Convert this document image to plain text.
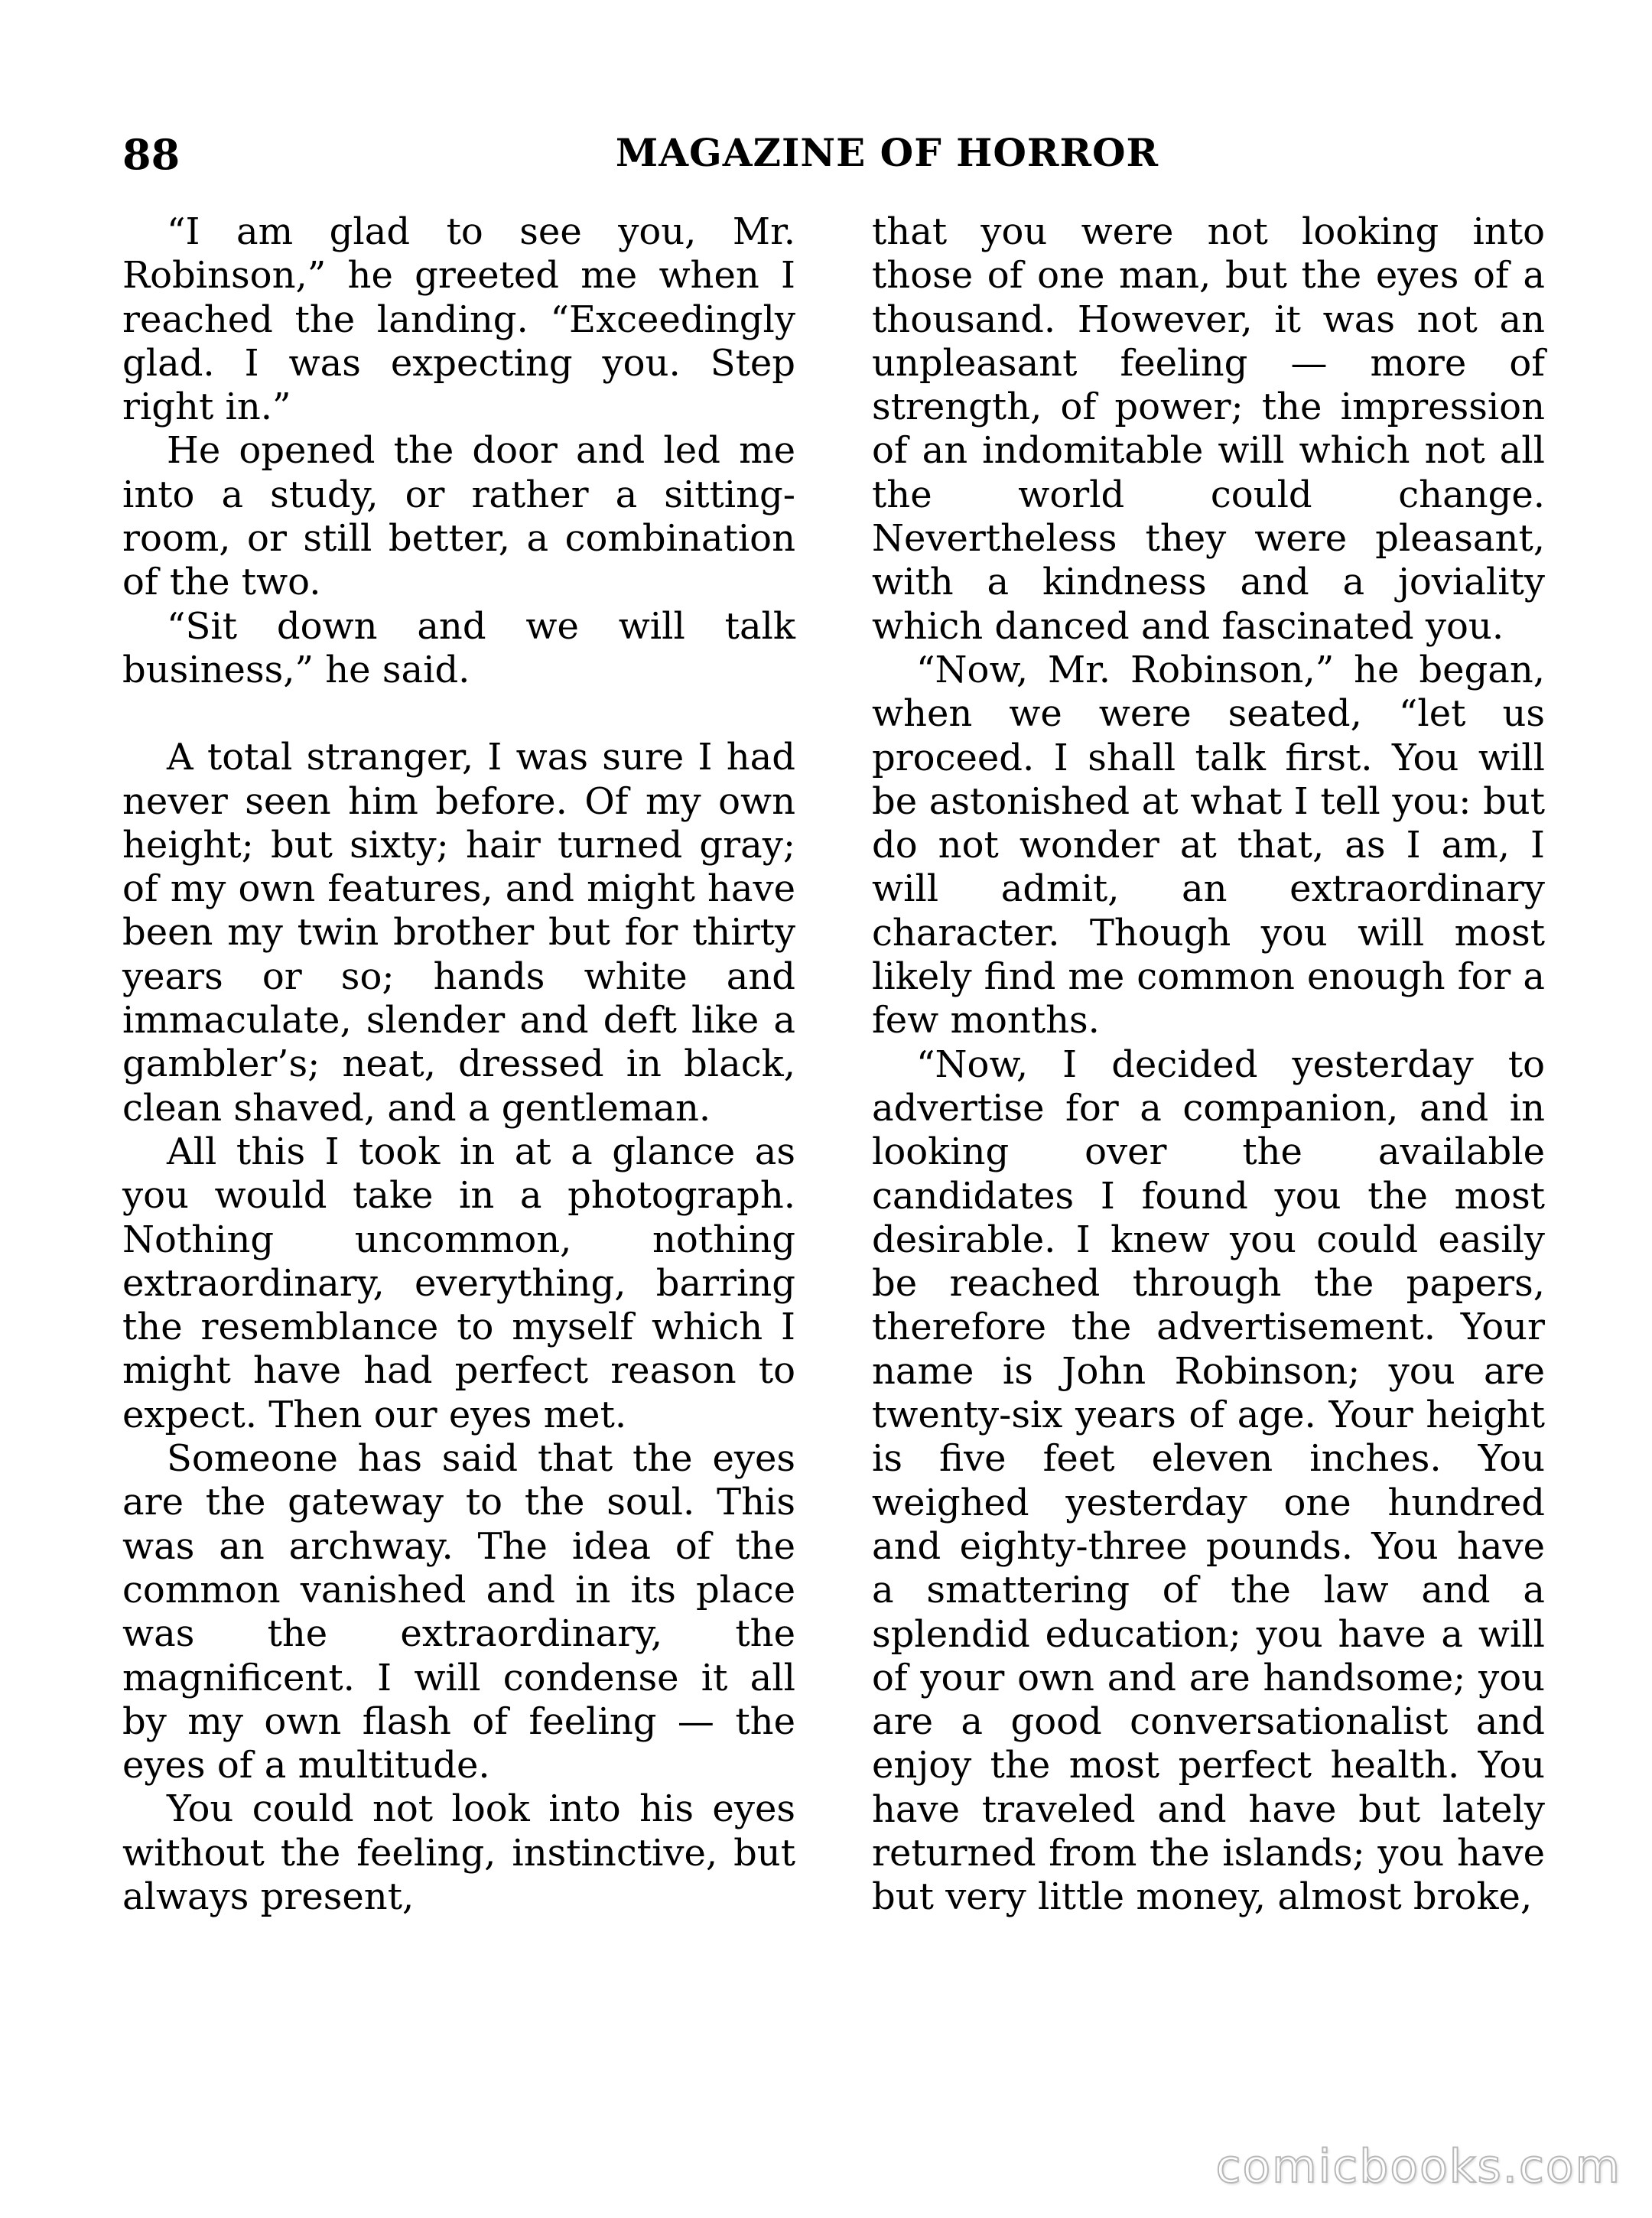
88	MAGAZINE OF HORROR

“I am glad to see you, Mr. Robinson,” he greeted me when I reached the landing. “Exceedingly glad. I was expecting you. Step right in.”

He opened the door and led me into a study, or rather a sitting-room, or still better, a combination of the two.

“Sit down and we will talk business,” he said.

A total stranger, I was sure I had never seen him before. Of my own height; but sixty; hair turned gray; of my own features, and might have been my twin brother but for thirty years or so; hands white and immaculate, slender and deft like a gambler’s; neat, dressed in black, clean shaved, and a gentleman.

All this I took in at a glance as you would take in a photograph. Nothing uncommon, nothing extraordinary, everything, barring the resemblance to myself which I might have had perfect reason to expect. Then our eyes met.

Someone has said that the eyes are the gateway to the soul. This was an archway. The idea of the common vanished and in its place was the extraordinary, the magnificent. I will condense it all by my own flash of feeling — the eyes of a multitude.

You could not look into his eyes without the feeling, instinctive, but always present,

that you were not looking into those of one man, but the eyes of a thousand. However, it was not an unpleasant feeling — more of strength, of power; the impression of an indomitable will which not all the world could change. Nevertheless they were pleasant, with a kindness and a joviality which danced and fascinated you.

“Now, Mr. Robinson,” he began, when we were seated, “let us proceed. I shall talk first. You will be astonished at what I tell you: but do not wonder at that, as I am, I will admit, an extraordinary character. Though you will most likely find me common enough for a few months.

“Now, I decided yesterday to advertise for a companion, and in looking over the available candidates I found you the most desirable. I knew you could easily be reached through the papers, therefore the advertisement. Your name is John Robinson; you are twenty-six years of age. Your height is five feet eleven inches. You weighed yesterday one hundred and eighty-three pounds. You have a smattering of the law and a splendid education; you have a will of your own and are handsome; you are a good conversationalist and enjoy the most perfect health. You have traveled and have but lately returned from the islands; you have but very little money, almost broke,

comicbooks.com
